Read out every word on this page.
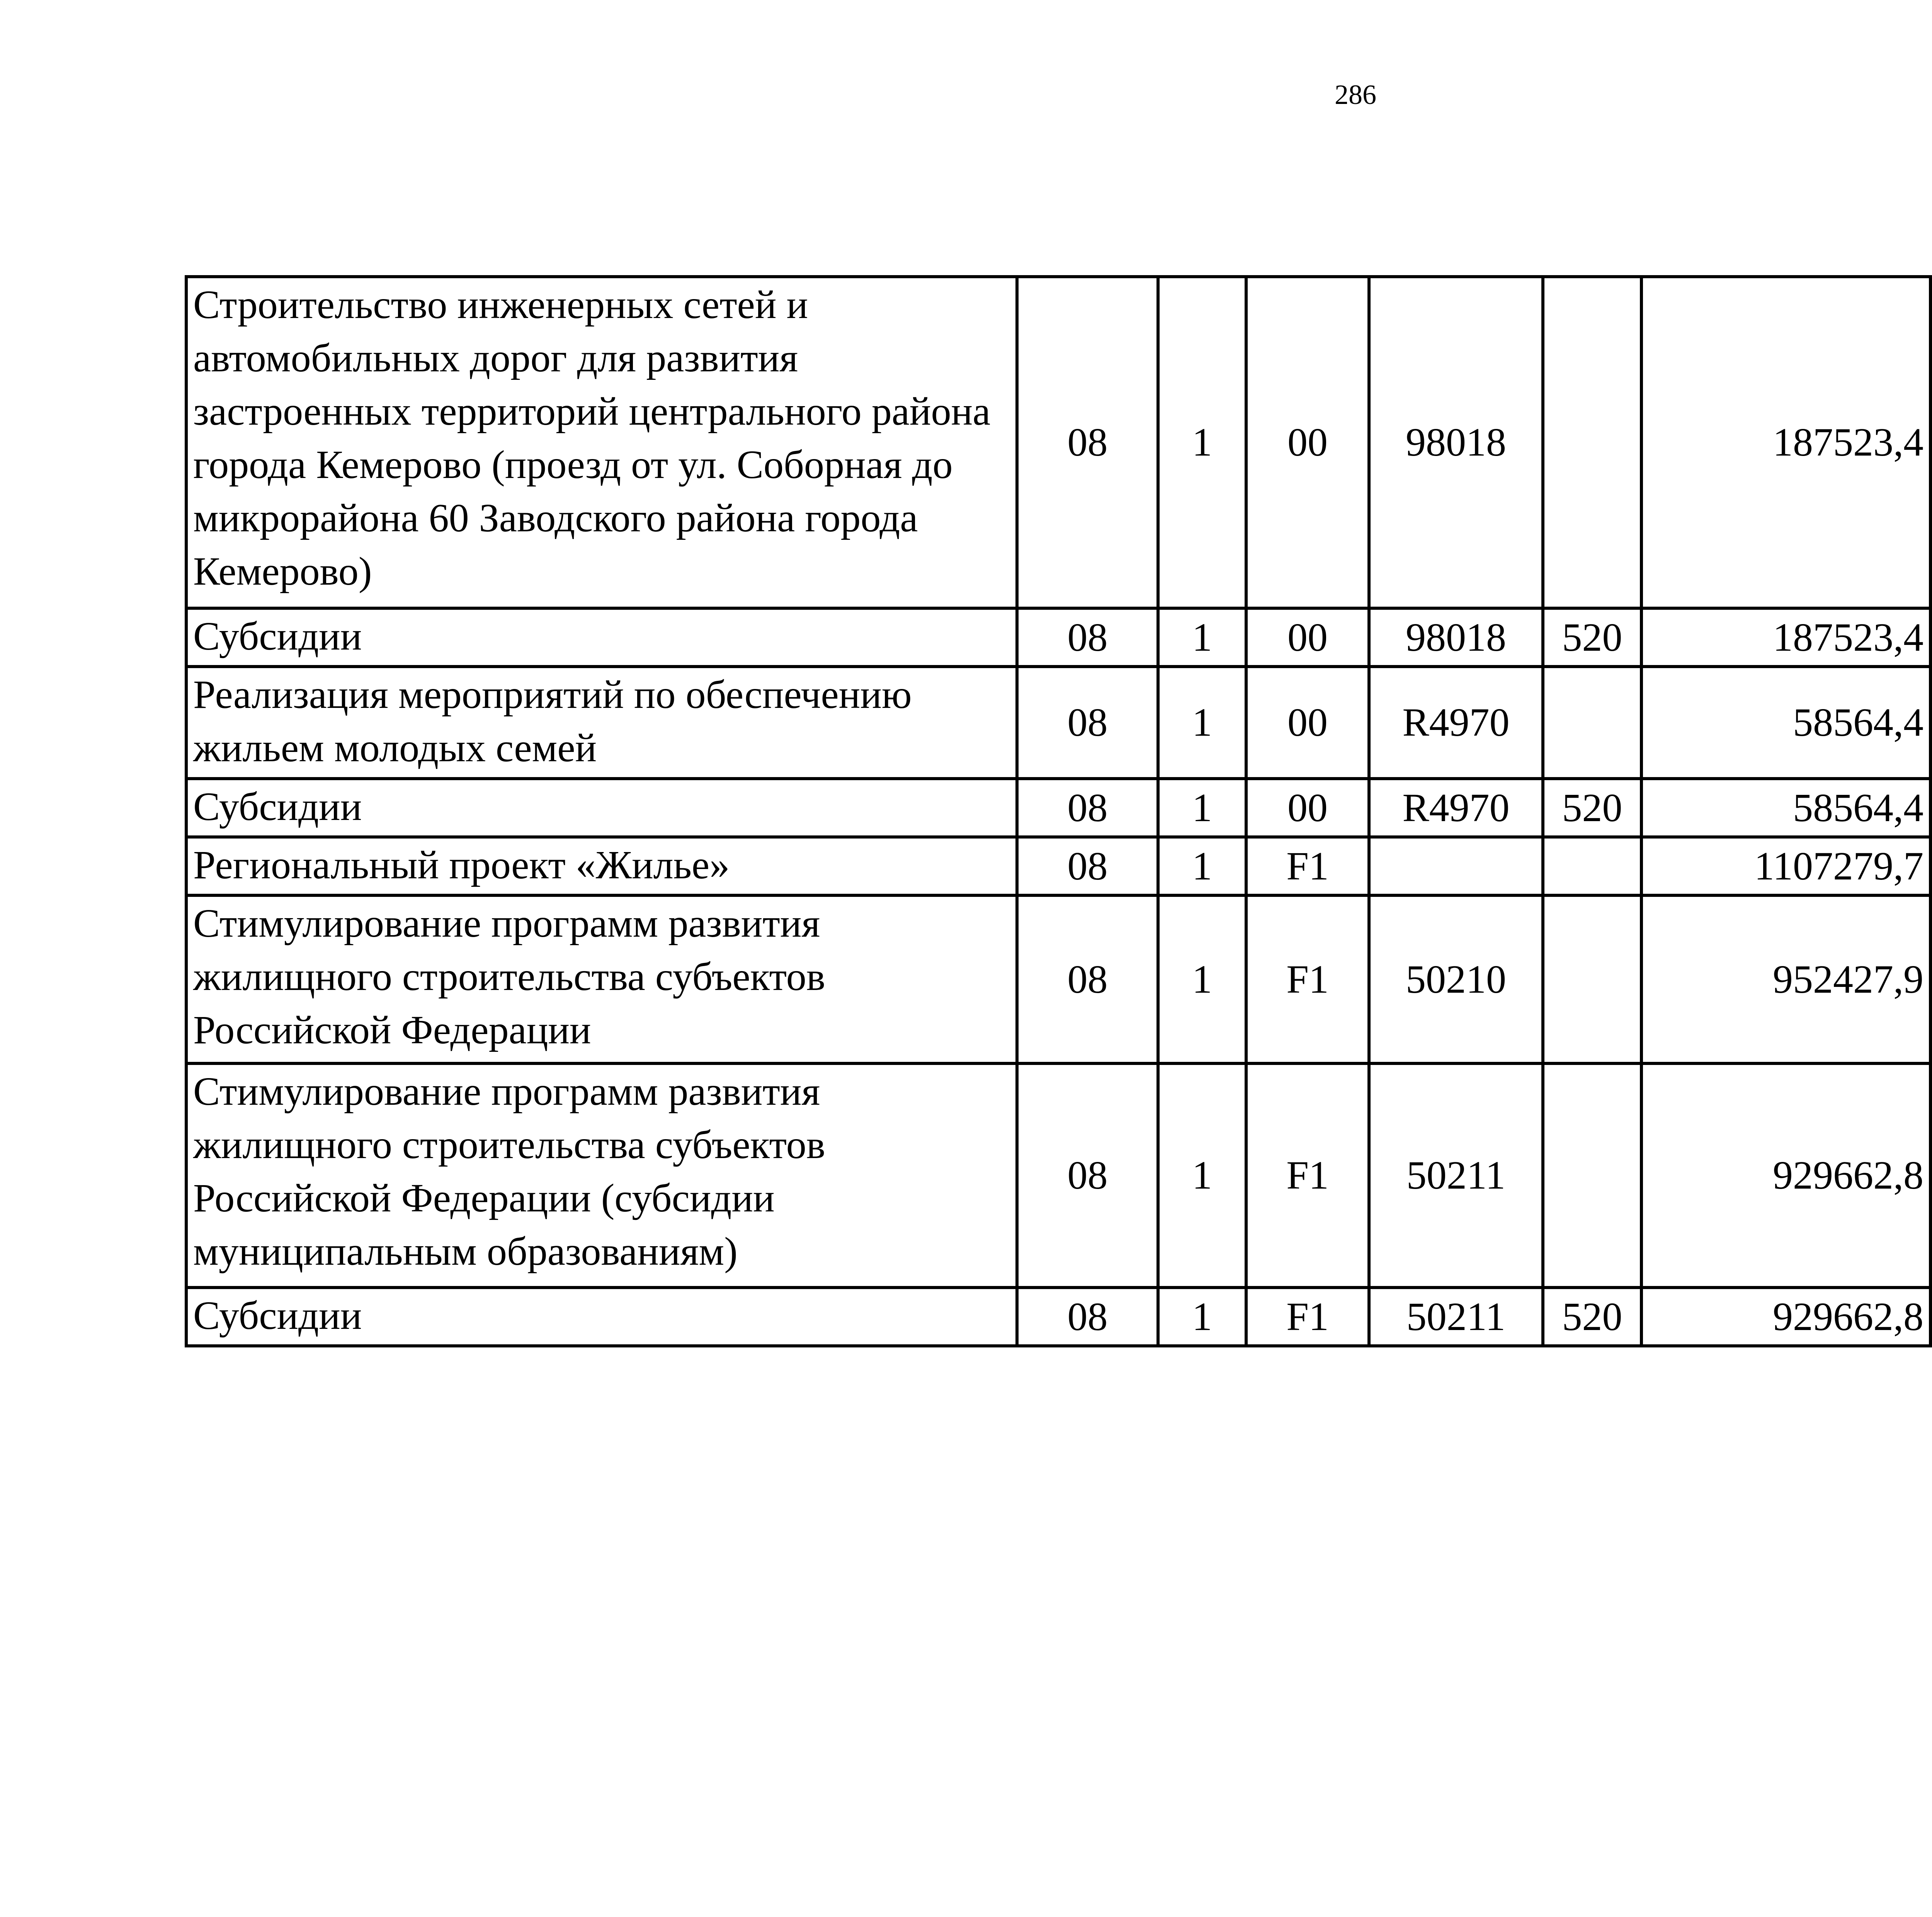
286
Строительство инженерных сетей и автомобильных дорог для развития застроенных территорий центрального района города Кемерово (проезд от ул. Соборная до микрорайона 60 Заводского района города Кемерово)	08	1	00	98018		187523,4		
Субсидии	08	1	00	98018	520	187523,4		
Реализация мероприятий по обеспечению жильем молодых семей	08	1	00	R4970		58564,4		
Субсидии	08	1	00	R4970	520	58564,4		
Региональный проект «Жилье»	08	1	F1			1107279,7		
Стимулирование программ развития жилищного строительства субъектов Российской Федерации	08	1	F1	50210		952427,9		
Стимулирование программ развития жилищного строительства субъектов Российской Федерации (субсидии муниципальным образованиям)	08	1	F1	50211		929662,8		
Субсидии	08	1	F1	50211	520	929662,8		
